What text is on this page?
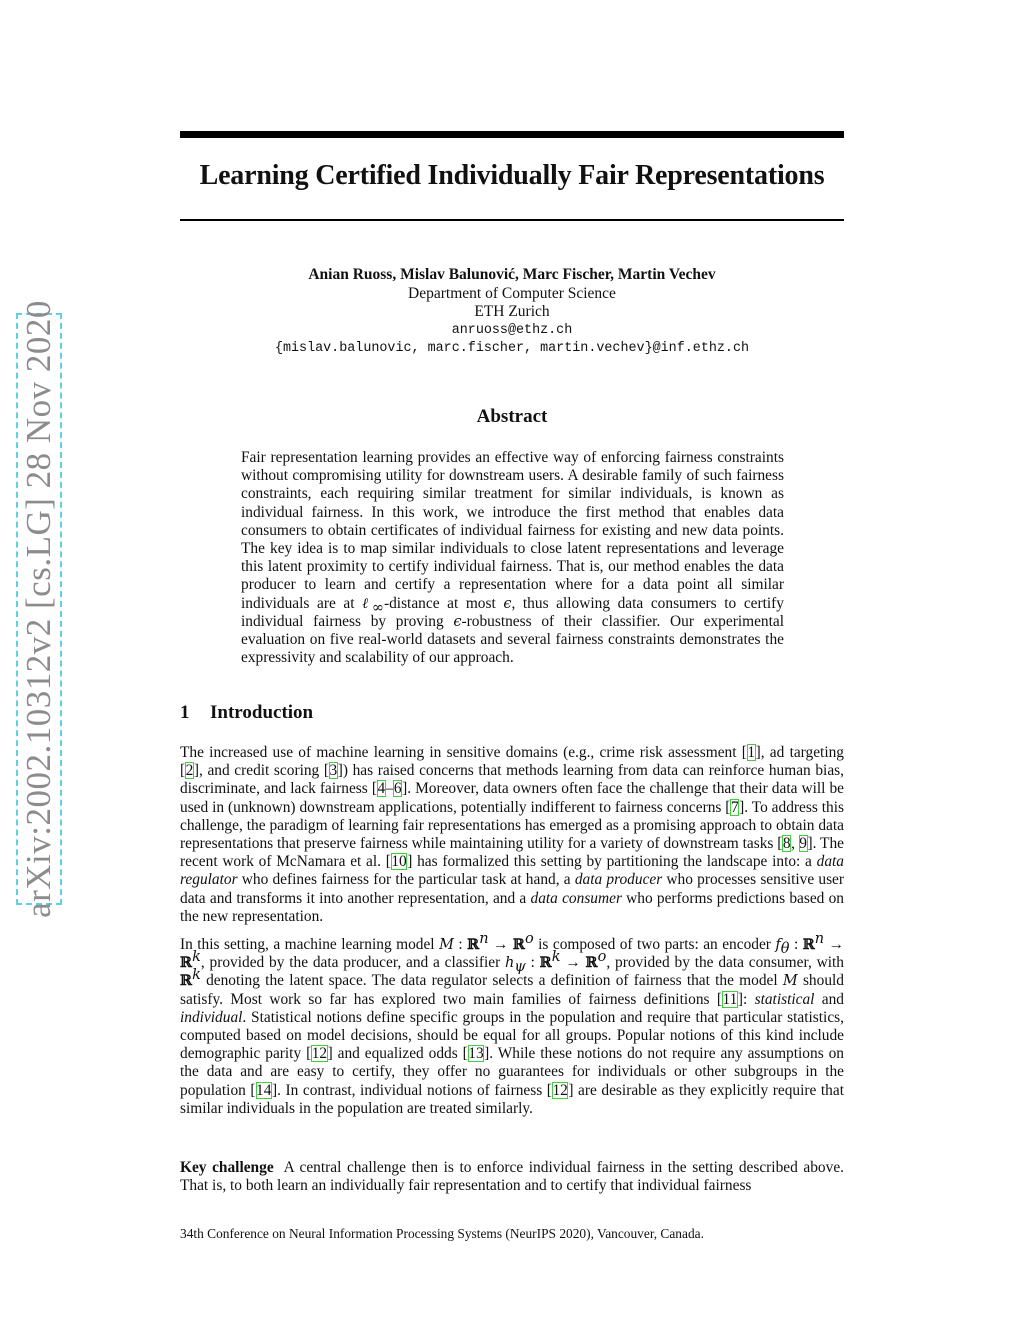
arXiv:2002.10312v2 [cs.LG] 28 Nov 2020
Learning Certified Individually Fair Representations
Anian Ruoss, Mislav Balunović, Marc Fischer, Martin Vechev
Department of Computer Science
ETH Zurich
anruoss@ethz.ch
{mislav.balunovic, marc.fischer, martin.vechev}@inf.ethz.ch
Abstract

Fair representation learning provides an effective way of enforcing fairness constraints without compromising utility for downstream users. A desirable family of such fairness constraints, each requiring similar treatment for similar individuals, is known as individual fairness. In this work, we introduce the first method that enables data consumers to obtain certificates of individual fairness for existing and new data points. The key idea is to map similar individuals to close latent representations and leverage this latent proximity to certify individual fairness. That is, our method enables the data producer to learn and certify a representation where for a data point all similar individuals are at ℓ$_\infty$-distance at most ϵ, thus allowing data consumers to certify individual fairness by proving ϵ-robustness of their classifier. Our experimental evaluation on five real-world datasets and several fairness constraints demonstrates the expressivity and scalability of our approach.

1 Introduction

The increased use of machine learning in sensitive domains (e.g., crime risk assessment [1], ad targeting [2], and credit scoring [3]) has raised concerns that methods learning from data can reinforce human bias, discriminate, and lack fairness [4–6]. Moreover, data owners often face the challenge that their data will be used in (unknown) downstream applications, potentially indifferent to fairness concerns [7]. To address this challenge, the paradigm of learning fair representations has emerged as a promising approach to obtain data representations that preserve fairness while maintaining utility for a variety of downstream tasks [8, 9]. The recent work of McNamara et al. [10] has formalized this setting by partitioning the landscape into: a data regulator who defines fairness for the particular task at hand, a data producer who processes sensitive user data and transforms it into another representation, and a data consumer who performs predictions based on the new representation.

In this setting, a machine learning model M : ℝ$^n$ → ℝ$^o$ is composed of two parts: an encoder $f_\theta$ : ℝ$^n$ → ℝ$^k$, provided by the data producer, and a classifier $h_\psi$ : ℝ$^k$ → ℝ$^o$, provided by the data consumer, with ℝ$^k$ denoting the latent space. The data regulator selects a definition of fairness that the model M should satisfy. Most work so far has explored two main families of fairness definitions [11]: statistical and individual. Statistical notions define specific groups in the population and require that particular statistics, computed based on model decisions, should be equal for all groups. Popular notions of this kind include demographic parity [12] and equalized odds [13]. While these notions do not require any assumptions on the data and are easy to certify, they offer no guarantees for individuals or other subgroups in the population [14]. In contrast, individual notions of fairness [12] are desirable as they explicitly require that similar individuals in the population are treated similarly.

Key challenge A central challenge then is to enforce individual fairness in the setting described above. That is, to both learn an individually fair representation and to certify that individual fairness

34th Conference on Neural Information Processing Systems (NeurIPS 2020), Vancouver, Canada.
